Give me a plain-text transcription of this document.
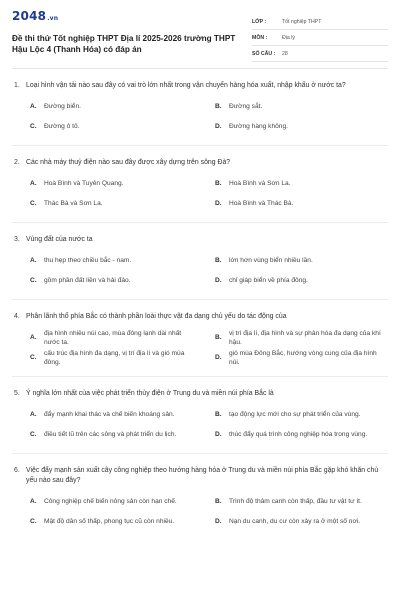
2048.vn
Đề thi thử Tốt nghiệp THPT Địa lí 2025-2026 trường THPT Hậu Lộc 4 (Thanh Hóa) có đáp án
LỚP :	Tốt nghiệp THPT
MÔN :	Địa lý
SỐ CÂU :	28
1. Loại hình vận tải nào sau đây có vai trò lớn nhất trong vận chuyển hàng hóa xuất, nhập khẩu ở nước ta?
A.	Đường biển.	B.	Đường sắt.
C.	Đường ô tô.	D.	Đường hàng không.
2. Các nhà máy thuỷ điện nào sau đây được xây dựng trên sông Đà?
A.	Hoà Bình và Tuyên Quang.	B.	Hoà Bình và Sơn La.
C.	Thác Bà và Sơn La.	D.	Hoà Bình và Thác Bà.
3. Vùng đất của nước ta
A.	thu hẹp theo chiều bắc - nam.	B.	lớn hơn vùng biển nhiều lần.
C.	gồm phần đất liền và hải đảo.	D.	chỉ giáp biển về phía đông.
4. Phân lãnh thổ phía Bắc có thành phần loài thực vật đa dạng chủ yếu do tác động của
A.
địa hình nhiều núi cao, mùa đông lạnh dài nhất nước ta.
B.
vị trí địa lí, địa hình và sự phân hóa đa dạng của khí hậu.
C.
cấu trúc địa hình đa dạng, vị trí địa lí và gió mùa đông.
D.
gió mùa Đông Bắc, hướng vòng cung của địa hình núi.
5. Ý nghĩa lớn nhất của việc phát triển thủy điện ở Trung du và miền núi phía Bắc là
A.	đẩy mạnh khai thác và chế biến khoáng sản.	B.	tạo động lực mới cho sự phát triển của vùng.
C.	điều tiết lũ trên các sông và phát triển du lịch.	D.	thúc đẩy quá trình công nghiệp hóa trong vùng.
6. Việc đẩy mạnh sản xuất cây công nghiệp theo hướng hàng hóa ở Trung du và miền núi phía Bắc gặp khó khăn chủ yếu nào sau đây?
A.	Công nghiệp chế biến nông sản còn hạn chế.	B.	Trình độ thâm canh còn thấp, đầu tư vật tư ít.
C.	Mật độ dân số thấp, phong tục cũ còn nhiều.	D.	Nạn du canh, du cư còn xảy ra ở một số nơi.
